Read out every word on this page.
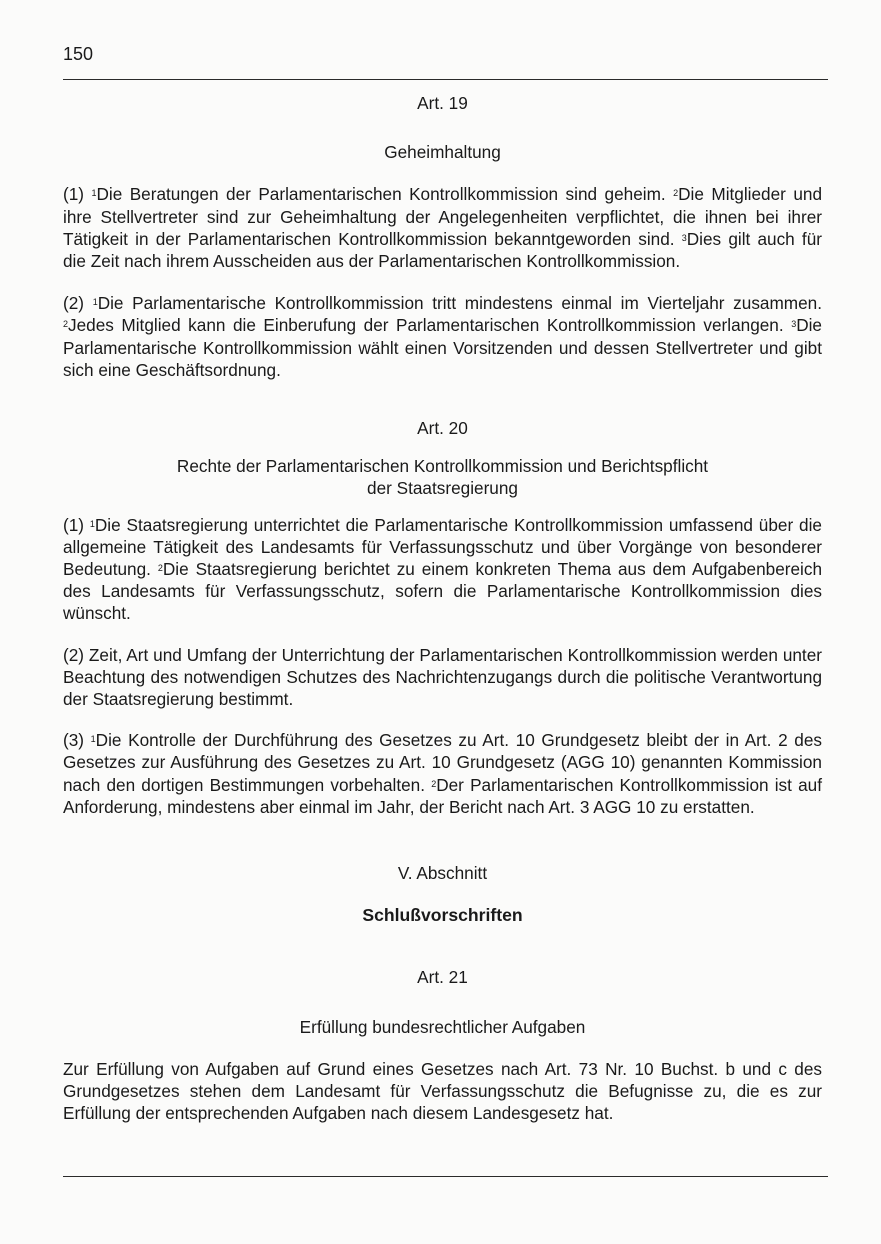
150
Art. 19
Geheimhaltung
(1) $^1$Die Beratungen der Parlamentarischen Kontrollkommission sind geheim. $^2$Die Mitglieder und ihre Stellvertreter sind zur Geheimhaltung der Angelegenheiten verpflichtet, die ihnen bei ihrer Tätigkeit in der Parlamentarischen Kontrollkommission bekanntgeworden sind. $^3$Dies gilt auch für die Zeit nach ihrem Ausscheiden aus der Parlamentarischen Kontrollkommission.
(2) $^1$Die Parlamentarische Kontrollkommission tritt mindestens einmal im Vierteljahr zusammen. $^2$Jedes Mitglied kann die Einberufung der Parlamentarischen Kontrollkommission verlangen. $^3$Die Parlamentarische Kontrollkommission wählt einen Vorsitzenden und dessen Stellvertreter und gibt sich eine Geschäftsordnung.
Art. 20
Rechte der Parlamentarischen Kontrollkommission und Berichtspflicht
der Staatsregierung
(1) $^1$Die Staatsregierung unterrichtet die Parlamentarische Kontrollkommission umfassend über die allgemeine Tätigkeit des Landesamts für Verfassungsschutz und über Vorgänge von besonderer Bedeutung. $^2$Die Staatsregierung berichtet zu einem konkreten Thema aus dem Aufgabenbereich des Landesamts für Verfassungsschutz, sofern die Parlamentarische Kontrollkommission dies wünscht.
(2) Zeit, Art und Umfang der Unterrichtung der Parlamentarischen Kontrollkommission werden unter Beachtung des notwendigen Schutzes des Nachrichtenzugangs durch die politische Verantwortung der Staatsregierung bestimmt.
(3) $^1$Die Kontrolle der Durchführung des Gesetzes zu Art. 10 Grundgesetz bleibt der in Art. 2 des Gesetzes zur Ausführung des Gesetzes zu Art. 10 Grundgesetz (AGG 10) genannten Kommission nach den dortigen Bestimmungen vorbehalten. $^2$Der Parlamentarischen Kontrollkommission ist auf Anforderung, mindestens aber einmal im Jahr, der Bericht nach Art. 3 AGG 10 zu erstatten.
V. Abschnitt
Schlußvorschriften
Art. 21
Erfüllung bundesrechtlicher Aufgaben
Zur Erfüllung von Aufgaben auf Grund eines Gesetzes nach Art. 73 Nr. 10 Buchst. b und c des Grundgesetzes stehen dem Landesamt für Verfassungsschutz die Befugnisse zu, die es zur Erfüllung der entsprechenden Aufgaben nach diesem Landesgesetz hat.
